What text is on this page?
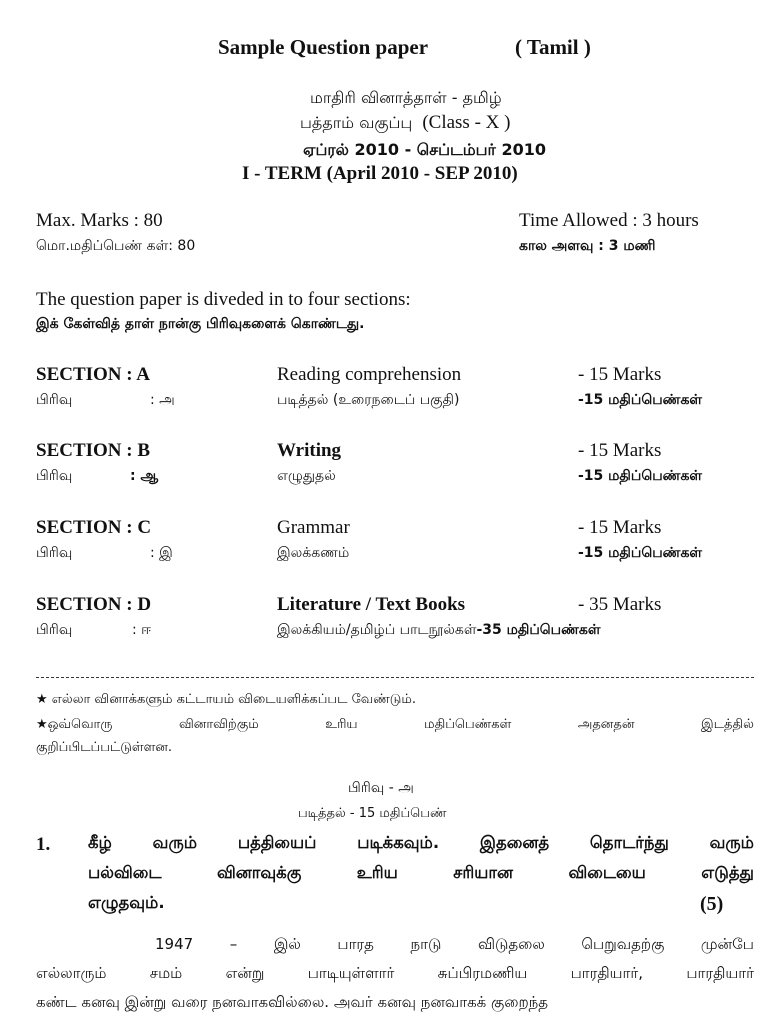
Sample Question paper	( Tamil )
மாதிரி வினாத்தாள் - தமிழ்
பத்தாம் வகுப்பு (Class - X )
ஏப்ரல் 2010 - செப்டம்பர் 2010
I - TERM (April 2010 - SEP 2010)
Max. Marks : 80
மொ.மதிப்பெண் கள்: 80
Time Allowed : 3 hours
கால அளவு : 3 மணி
The question paper is diveded in to four sections:
இக் கேள்வித் தாள் நான்கு பிரிவுகளைக் கொண்டது.
SECTION : A	Reading comprehension	- 15 Marks
பிரிவு	: அ	படித்தல் (உரைநடைப் பகுதி)	-15 மதிப்பெண்கள்
SECTION : B	Writing	- 15 Marks
பிரிவு	: ஆ	எழுதுதல்	-15 மதிப்பெண்கள்
SECTION : C	Grammar	- 15 Marks
பிரிவு	: இ	இலக்கணம்	-15 மதிப்பெண்கள்
SECTION : D	Literature / Text Books	- 35 Marks
பிரிவு	: ஈ	இலக்கியம்/தமிழ்ப் பாடநூல்கள்-35 மதிப்பெண்கள்
★ எல்லா வினாக்களும் கட்டாயம் விடையளிக்கப்பட வேண்டும்.
★ஒவ்வொரு	வினாவிற்கும்	உரிய	மதிப்பெண்கள்	அதனதன்	இடத்தில்
குறிப்பிடப்பட்டுள்ளன.
பிரிவு - அ
படித்தல் - 15 மதிப்பெண்
1. கீழ் வரும் பத்தியைப் படிக்கவும். இதனைத் தொடர்ந்து வரும்
பல்விடை	வினாவுக்கு	உரிய	சரியான	விடையை	எடுத்து
எழுதவும்.	(5)
1947 – இல் பாரத நாடு விடுதலை பெறுவதற்கு முன்பே
எல்லாரும்	சமம்	என்று	பாடியுள்ளார்	சுப்பிரமணிய	பாரதியார்,	பாரதியார்
கண்ட கனவு இன்று வரை நனவாகவில்லை. அவர் கனவு நனவாகக் குறைந்த
